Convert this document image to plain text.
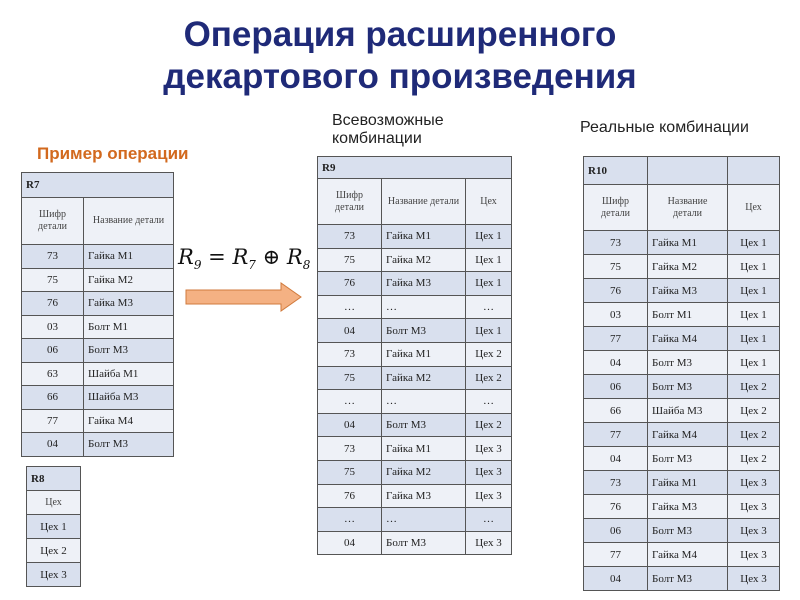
Операция расширенного
декартового произведения
Пример операции
Всевозможные комбинации
Реальные комбинации
R7	
Шифр детали	Название детали
73	Гайка М1
75	Гайка М2
76	Гайка М3
03	Болт М1
06	Болт М3
63	Шайба М1
66	Шайба М3
77	Гайка М4
04	Болт М3
R8
Цех
Цех 1
Цех 2
Цех 3
$R_9 = R_7$ ⊕ $R_8$
R9		
Шифр детали	Название детали	Цех
73	Гайка М1	Цех 1
75	Гайка М2	Цех 1
76	Гайка М3	Цех 1
…	…	…
04	Болт М3	Цех 1
73	Гайка М1	Цех 2
75	Гайка М2	Цех 2
…	…	…
04	Болт М3	Цех 2
73	Гайка М1	Цех 3
75	Гайка М2	Цех 3
76	Гайка М3	Цех 3
…	…	…
04	Болт М3	Цех 3
R10		
Шифр детали	Название детали	Цех
73	Гайка М1	Цех 1
75	Гайка М2	Цех 1
76	Гайка М3	Цех 1
03	Болт М1	Цех 1
77	Гайка М4	Цех 1
04	Болт М3	Цех 1
06	Болт М3	Цех 2
66	Шайба М3	Цех 2
77	Гайка М4	Цех 2
04	Болт М3	Цех 2
73	Гайка М1	Цех 3
76	Гайка М3	Цех 3
06	Болт М3	Цех 3
77	Гайка М4	Цех 3
04	Болт М3	Цех 3
